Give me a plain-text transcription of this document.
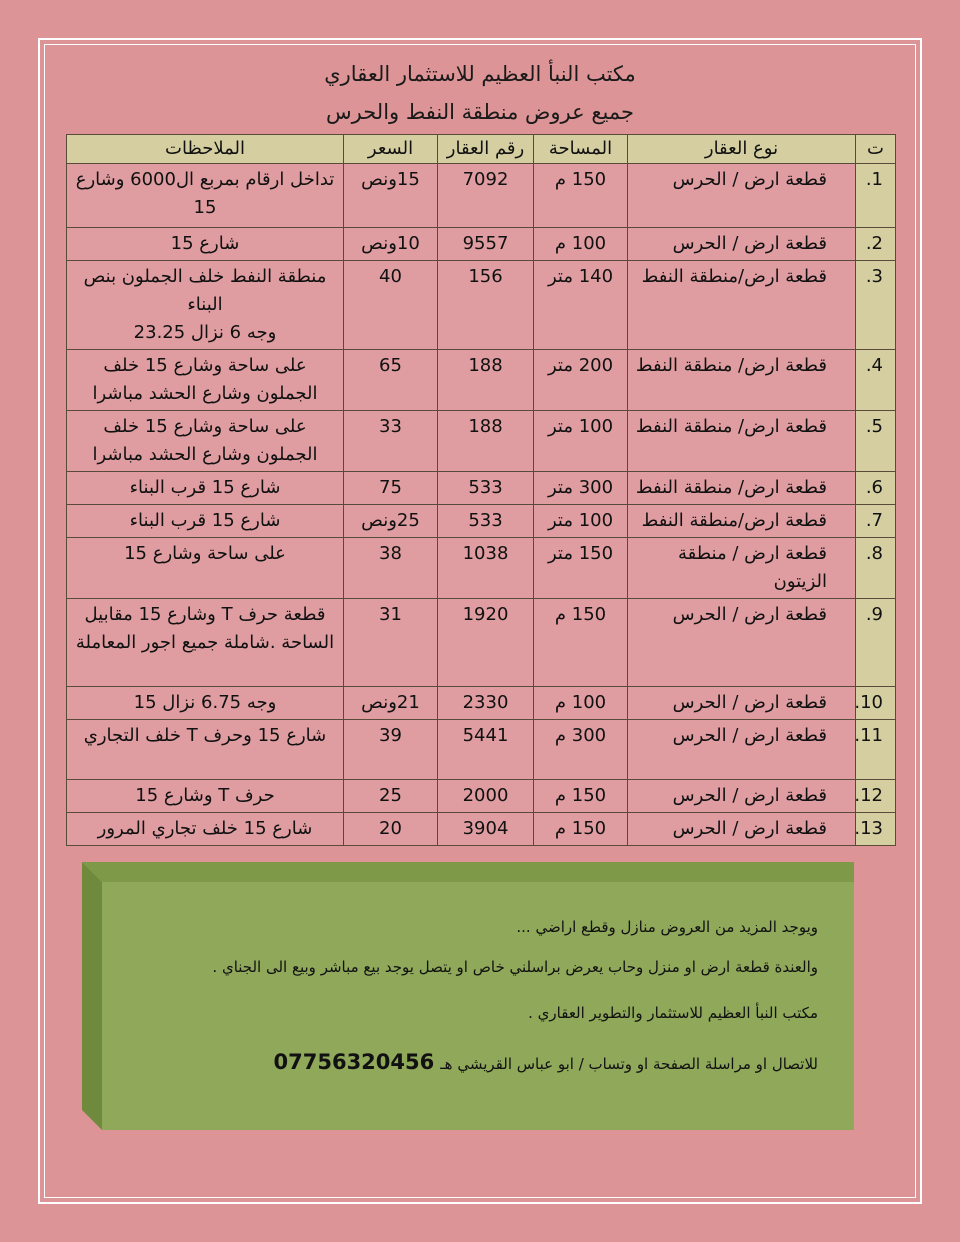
مكتب النبأ العظيم للاستثمار العقاري
جميع عروض منطقة النفط والحرس
ت	نوع العقار	المساحة	رقم العقار	السعر	الملاحظات
1.	قطعة ارض / الحرس	150 م	7092	15ونص	تداخل ارقام بمربع ال6000 وشارع 15
2.	قطعة ارض / الحرس	100 م	9557	10ونص	شارع 15
3.	قطعة ارض/منطقة النفط	140 متر	156	40	منطقة النفط خلف الجملون بنص البناء
وجه 6 نزال 23.25
4.	قطعة ارض/ منطقة النفط	200 متر	188	65	على ساحة وشارع 15 خلف الجملون وشارع الحشد مباشرا
5.	قطعة ارض/ منطقة النفط	100 متر	188	33	على ساحة وشارع 15 خلف الجملون وشارع الحشد مباشرا
6.	قطعة ارض/ منطقة النفط	300 متر	533	75	شارع 15 قرب البناء
7.	قطعة ارض/منطقة النفط	100 متر	533	25ونص	شارع 15 قرب البناء
8.	قطعة ارض / منطقة الزيتون	150 متر	1038	38	على ساحة وشارع 15
9.	قطعة ارض / الحرس	150 م	1920	31	قطعة حرف T وشارع 15 مقابيل الساحة .شاملة جميع اجور المعاملة
10.	قطعة ارض / الحرس	100 م	2330	21ونص	وجه 6.75 نزال 15
11.	قطعة ارض / الحرس	300 م	5441	39	شارع 15 وحرف T خلف التجاري
12.	قطعة ارض / الحرس	150 م	2000	25	حرف T وشارع 15
13.	قطعة ارض / الحرس	150 م	3904	20	شارع 15 خلف تجاري المرور

ويوجد المزيد من العروض منازل وقطع اراضي ...

والعندة قطعة ارض او منزل وحاب يعرض براسلني خاص او يتصل يوجد بيع مباشر وبيع الى الجناي .

مكتب النبأ العظيم للاستثمار والتطوير العقاري .

للاتصال او مراسلة الصفحة او وتساب / ابو عباس القريشي هـ07756320456
